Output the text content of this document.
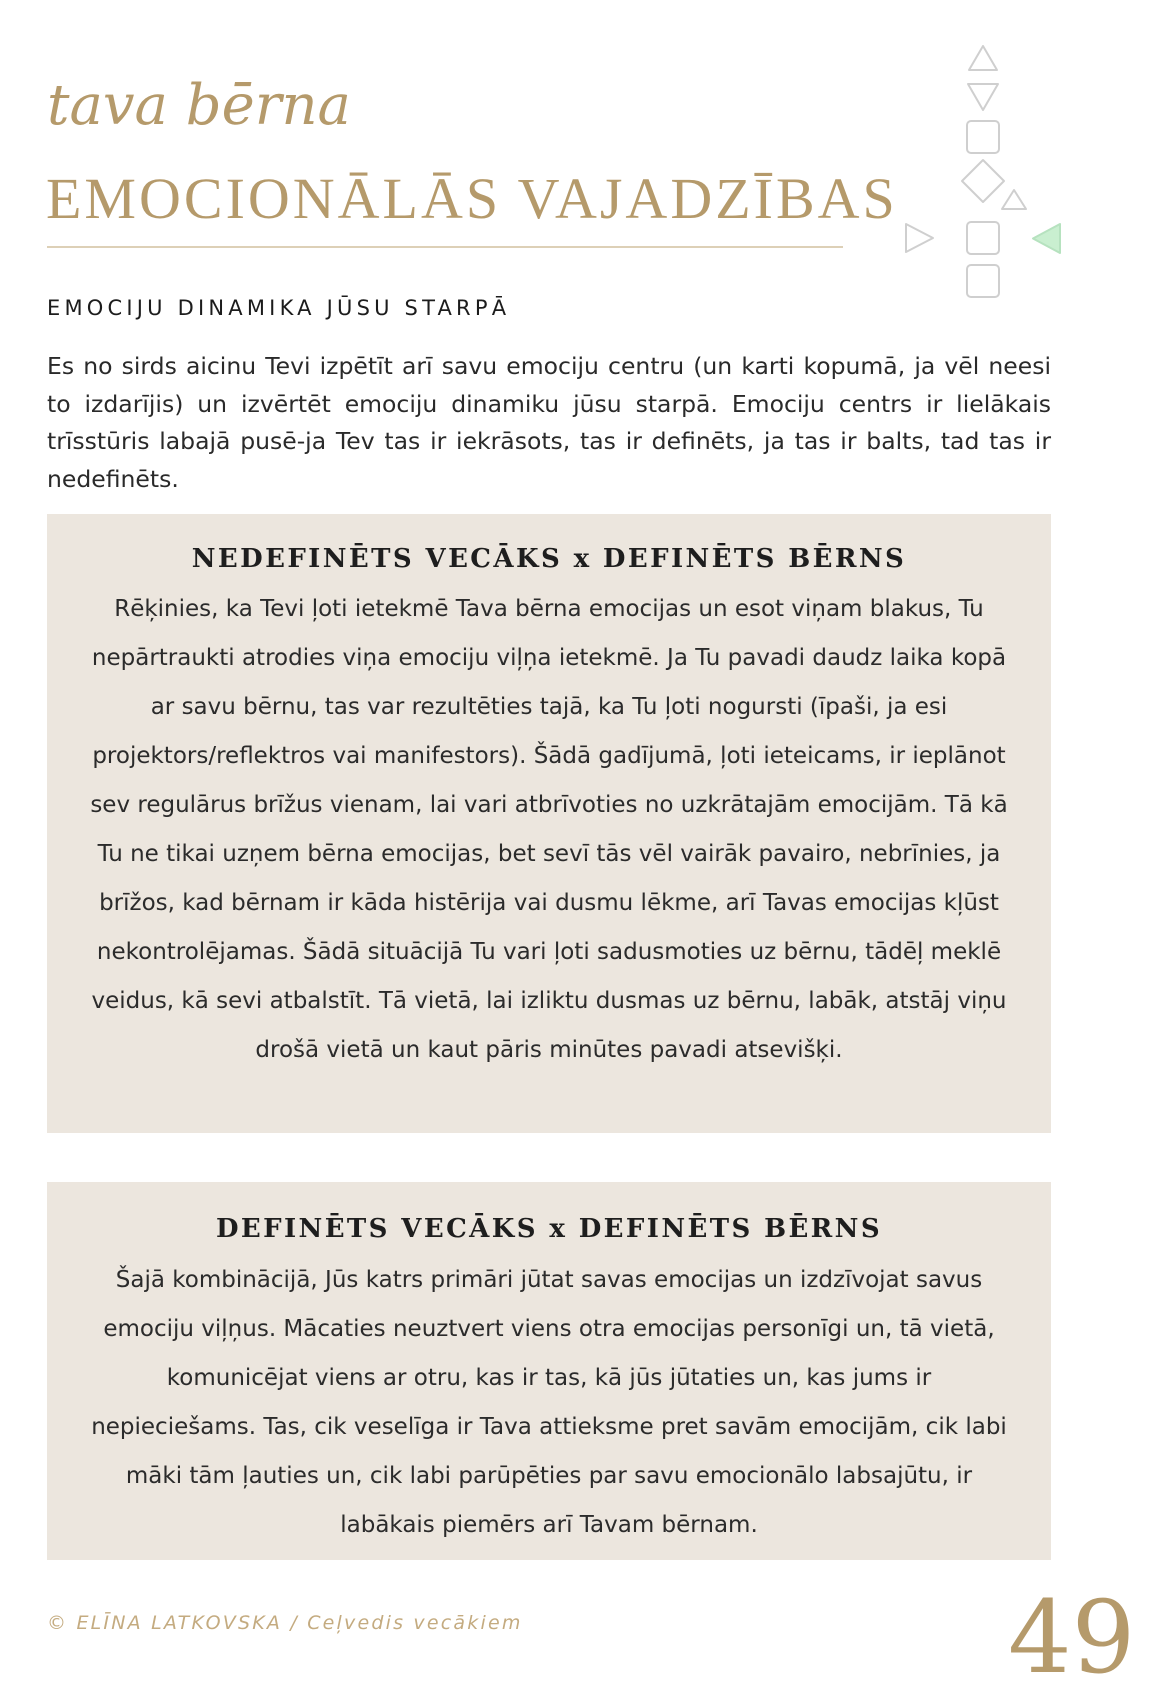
tava bērna
EMOCIONĀLĀS VAJADZĪBAS
EMOCIJU DINAMIKA JŪSU STARPĀ

Es no sirds aicinu Tevi izpētīt arī savu emociju centru (un karti kopumā, ja vēl neesi to izdarījis) un izvērtēt emociju dinamiku jūsu starpā. Emociju centrs ir lielākais trīsstūris labajā pusē-ja Tev tas ir iekrāsots, tas ir definēts, ja tas ir balts, tad tas ir nedefinēts.

NEDEFINĒTS VECĀKS x DEFINĒTS BĒRNS

Rēķinies, ka Tevi ļoti ietekmē Tava bērna emocijas un esot viņam blakus, Tu nepārtraukti atrodies viņa emociju viļņa ietekmē. Ja Tu pavadi daudz laika kopā ar savu bērnu, tas var rezultēties tajā, ka Tu ļoti nogursti (īpaši, ja esi projektors/reflektros vai manifestors). Šādā gadījumā, ļoti ieteicams, ir ieplānot sev regulārus brīžus vienam, lai vari atbrīvoties no uzkrātajām emocijām. Tā kā Tu ne tikai uzņem bērna emocijas, bet sevī tās vēl vairāk pavairo, nebrīnies, ja brīžos, kad bērnam ir kāda histērija vai dusmu lēkme, arī Tavas emocijas kļūst nekontrolējamas. Šādā situācijā Tu vari ļoti sadusmoties uz bērnu, tādēļ meklē veidus, kā sevi atbalstīt. Tā vietā, lai izliktu dusmas uz bērnu, labāk, atstāj viņu drošā vietā un kaut pāris minūtes pavadi atsevišķi.

DEFINĒTS VECĀKS x DEFINĒTS BĒRNS

Šajā kombinācijā, Jūs katrs primāri jūtat savas emocijas un izdzīvojat savus emociju viļņus. Mācaties neuztvert viens otra emocijas personīgi un, tā vietā, komunicējat viens ar otru, kas ir tas, kā jūs jūtaties un, kas jums ir nepieciešams. Tas, cik veselīga ir Tava attieksme pret savām emocijām, cik labi māki tām ļauties un, cik labi parūpēties par savu emocionālo labsajūtu, ir labākais piemērs arī Tavam bērnam.

© ELĪNA LATKOVSKA / Ceļvedis vecākiem	49
